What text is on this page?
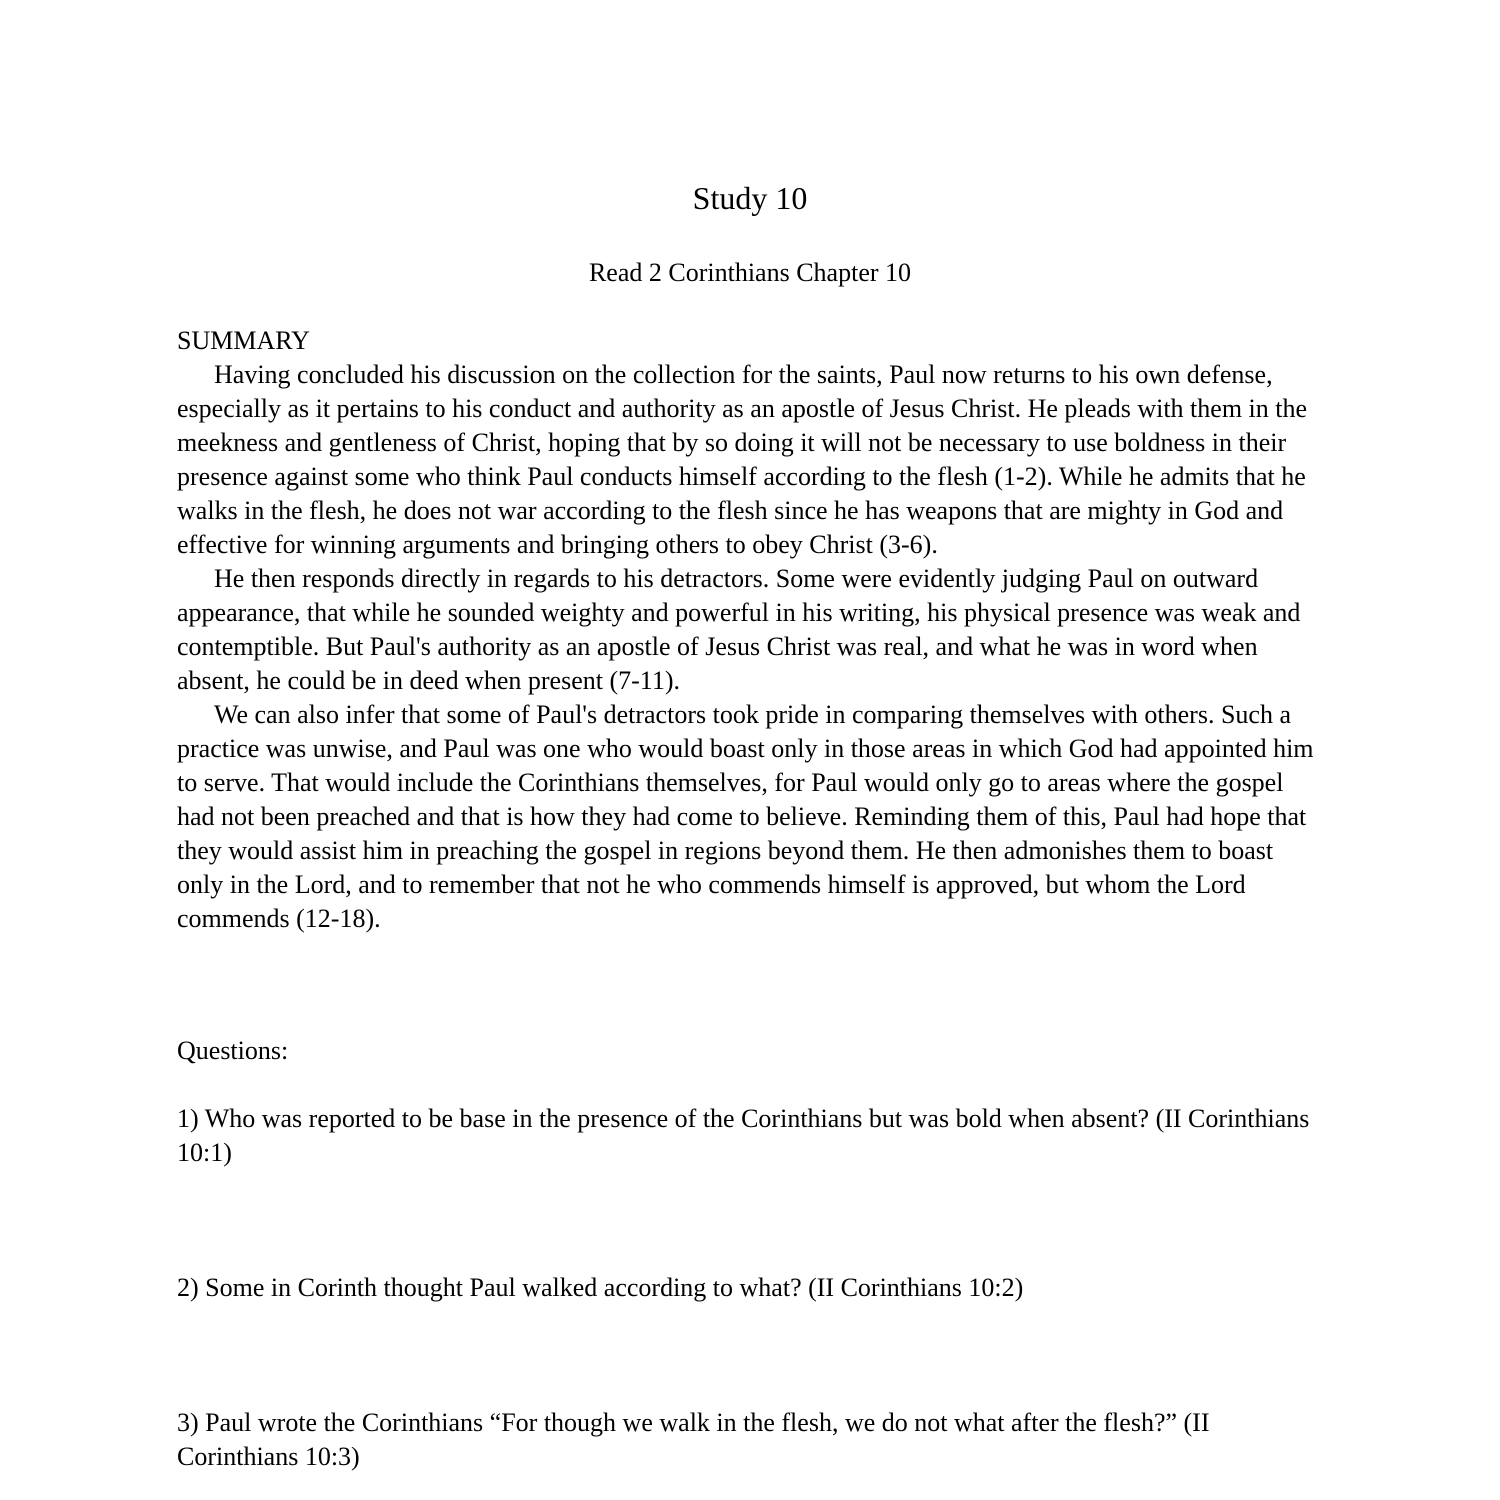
Study 10
Read 2 Corinthians Chapter 10
SUMMARY

Having concluded his discussion on the collection for the saints, Paul now returns to his own defense, especially as it pertains to his conduct and authority as an apostle of Jesus Christ. He pleads with them in the meekness and gentleness of Christ, hoping that by so doing it will not be necessary to use boldness in their presence against some who think Paul conducts himself according to the flesh (1-2). While he admits that he walks in the flesh, he does not war according to the flesh since he has weapons that are mighty in God and effective for winning arguments and bringing others to obey Christ (3-6).

He then responds directly in regards to his detractors. Some were evidently judging Paul on outward appearance, that while he sounded weighty and powerful in his writing, his physical presence was weak and contemptible. But Paul's authority as an apostle of Jesus Christ was real, and what he was in word when absent, he could be in deed when present (7-11).

We can also infer that some of Paul's detractors took pride in comparing themselves with others. Such a practice was unwise, and Paul was one who would boast only in those areas in which God had appointed him to serve. That would include the Corinthians themselves, for Paul would only go to areas where the gospel had not been preached and that is how they had come to believe. Reminding them of this, Paul had hope that they would assist him in preaching the gospel in regions beyond them. He then admonishes them to boast only in the Lord, and to remember that not he who commends himself is approved, but whom the Lord commends (12-18).

Questions:
1) Who was reported to be base in the presence of the Corinthians but was bold when absent? (II Corinthians 10:1)
2) Some in Corinth thought Paul walked according to what? (II Corinthians 10:2)
3) Paul wrote the Corinthians “For though we walk in the flesh, we do not what after the flesh?” (II Corinthians 10:3)
